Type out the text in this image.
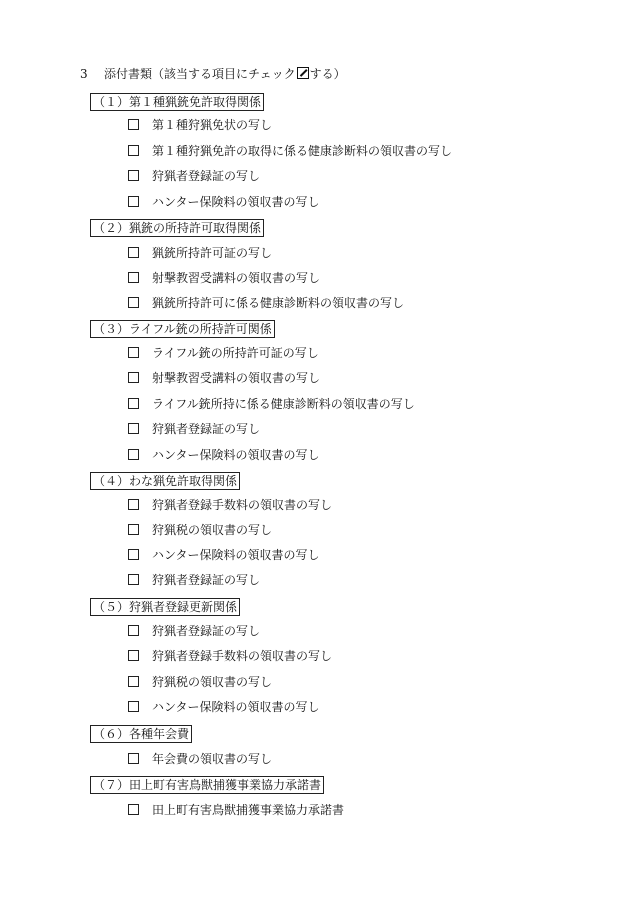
3 添付書類（該当する項目にチェック する）
（１）第１種猟銃免許取得関係
第１種狩猟免状の写し
第１種狩猟免許の取得に係る健康診断料の領収書の写し
狩猟者登録証の写し
ハンター保険料の領収書の写し
（２）猟銃の所持許可取得関係
猟銃所持許可証の写し
射撃教習受講料の領収書の写し
猟銃所持許可に係る健康診断料の領収書の写し
（３）ライフル銃の所持許可関係
ライフル銃の所持許可証の写し
射撃教習受講料の領収書の写し
ライフル銃所持に係る健康診断料の領収書の写し
狩猟者登録証の写し
ハンター保険料の領収書の写し
（４）わな猟免許取得関係
狩猟者登録手数料の領収書の写し
狩猟税の領収書の写し
ハンター保険料の領収書の写し
狩猟者登録証の写し
（５）狩猟者登録更新関係
狩猟者登録証の写し
狩猟者登録手数料の領収書の写し
狩猟税の領収書の写し
ハンター保険料の領収書の写し
（６）各種年会費
年会費の領収書の写し
（７）田上町有害鳥獣捕獲事業協力承諾書
田上町有害鳥獣捕獲事業協力承諾書
